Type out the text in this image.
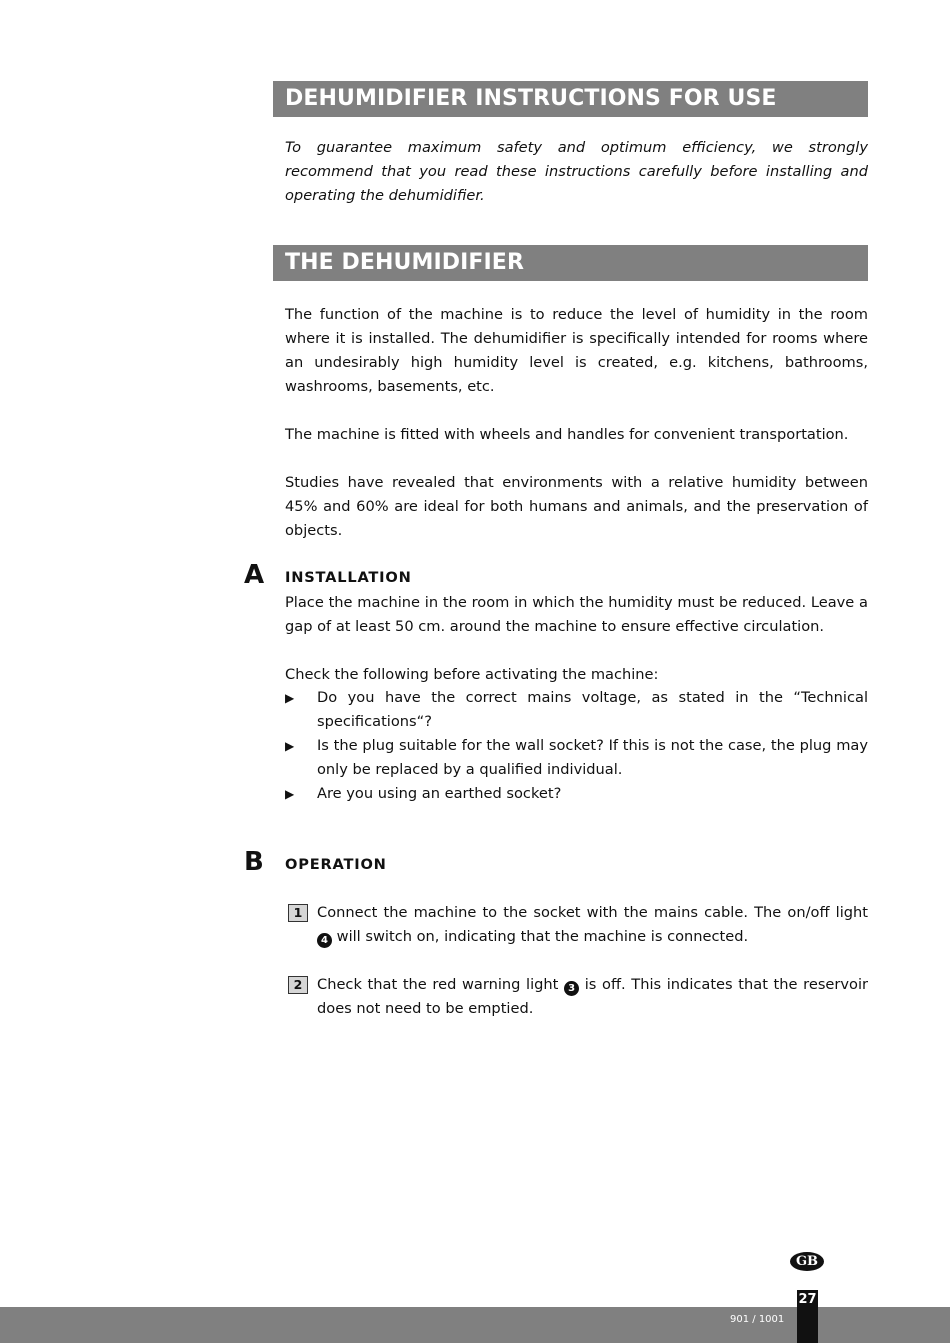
DEHUMIDIFIER INSTRUCTIONS FOR USE

To guarantee maximum safety and optimum efficiency, we strongly recommend that you read these instructions carefully before installing and operating the dehumidifier.

THE DEHUMIDIFIER

The function of the machine is to reduce the level of humidity in the room where it is installed. The dehumidifier is specifically intended for rooms where an undesirably high humidity level is created, e.g. kitchens, bathrooms, washrooms, basements, etc.

The machine is fitted with wheels and handles for convenient transportation.

Studies have revealed that environments with a relative humidity between 45% and 60% are ideal for both humans and animals, and the preservation of objects.

A INSTALLATION

Place the machine in the room in which the humidity must be reduced. Leave a gap of at least 50 cm. around the machine to ensure effective circulation.

Check the following before activating the machine:

▶	Do you have the correct mains voltage, as stated in the “Technical specifications“?
▶	Is the plug suitable for the wall socket? If this is not the case, the plug may only be replaced by a qualified individual.
▶	Are you using an earthed socket?
B OPERATION
1	Connect the machine to the socket with the mains cable. The on/off light 4 will switch on, indicating that the machine is connected.
2	Check that the red warning light 3 is off. This indicates that the reservoir does not need to be emptied.
GB
901 / 1001
27
